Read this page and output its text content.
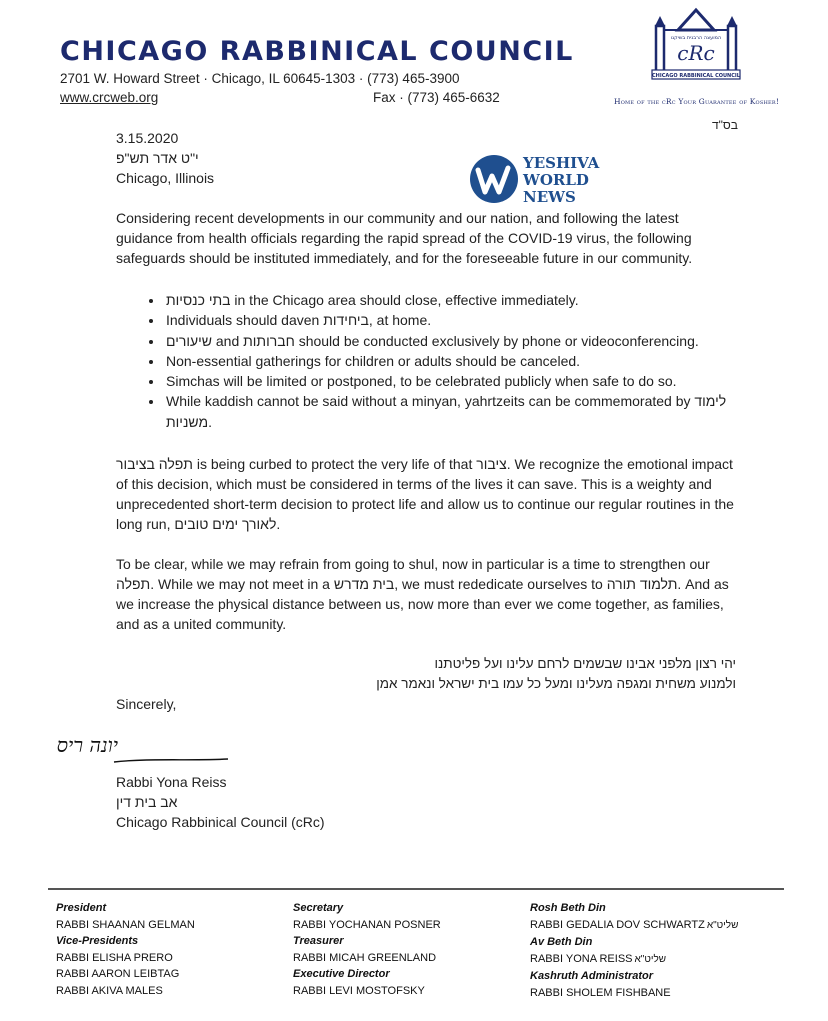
CHICAGO RABBINICAL COUNCIL
2701 W. Howard Street · Chicago, IL 60645-1303 · (773) 465-3900
www.crcweb.org	Fax · (773) 465-6632
cRc
המועצה הרבנית בשיקגו
CHICAGO RABBINICAL COUNCIL
Home of the cRc Your Guarantee of Kosher!
בס"ד
3.15.2020
י"ט אדר תש"פ
Chicago, Illinois
YESHIVA
WORLD
NEWS
Considering recent developments in our community and our nation, and following the latest guidance from health officials regarding the rapid spread of the COVID-19 virus, the following safeguards should be instituted immediately, and for the foreseeable future in our community.
• בתי כנסיות in the Chicago area should close, effective immediately.
• Individuals should daven ביחידות, at home.
• שיעורים and חברותות should be conducted exclusively by phone or videoconferencing.
• Non-essential gatherings for children or adults should be canceled.
• Simchas will be limited or postponed, to be celebrated publicly when safe to do so.
• While kaddish cannot be said without a minyan, yahrtzeits can be commemorated by לימוד משניות.
תפלה בציבור is being curbed to protect the very life of that ציבור. We recognize the emotional impact of this decision, which must be considered in terms of the lives it can save. This is a weighty and unprecedented short-term decision to protect life and allow us to continue our regular routines in the long run, לאורך ימים טובים.
To be clear, while we may refrain from going to shul, now in particular is a time to strengthen our תפלה. While we may not meet in a בית מדרש, we must rededicate ourselves to תלמוד תורה. And as we increase the physical distance between us, now more than ever we come together, as families, and as a united community.
יהי רצון מלפני אבינו שבשמים לרחם עלינו ועל פליטתנו
ולמנוע משחית ומגפה מעלינו ומעל כל עמו בית ישראל ונאמר אמן
Sincerely,
יונה ריס
Rabbi Yona Reiss
אב בית דין
Chicago Rabbinical Council (cRc)
President
RABBI SHAANAN GELMAN
Vice-Presidents
RABBI ELISHA PRERO
RABBI AARON LEIBTAG
RABBI AKIVA MALES
Secretary
RABBI YOCHANAN POSNER
Treasurer
RABBI MICAH GREENLAND
Executive Director
RABBI LEVI MOSTOFSKY
Rosh Beth Din
RABBI GEDALIA DOV SCHWARTZ שליט"א
Av Beth Din
RABBI YONA REISS שליט"א
Kashruth Administrator
RABBI SHOLEM FISHBANE
